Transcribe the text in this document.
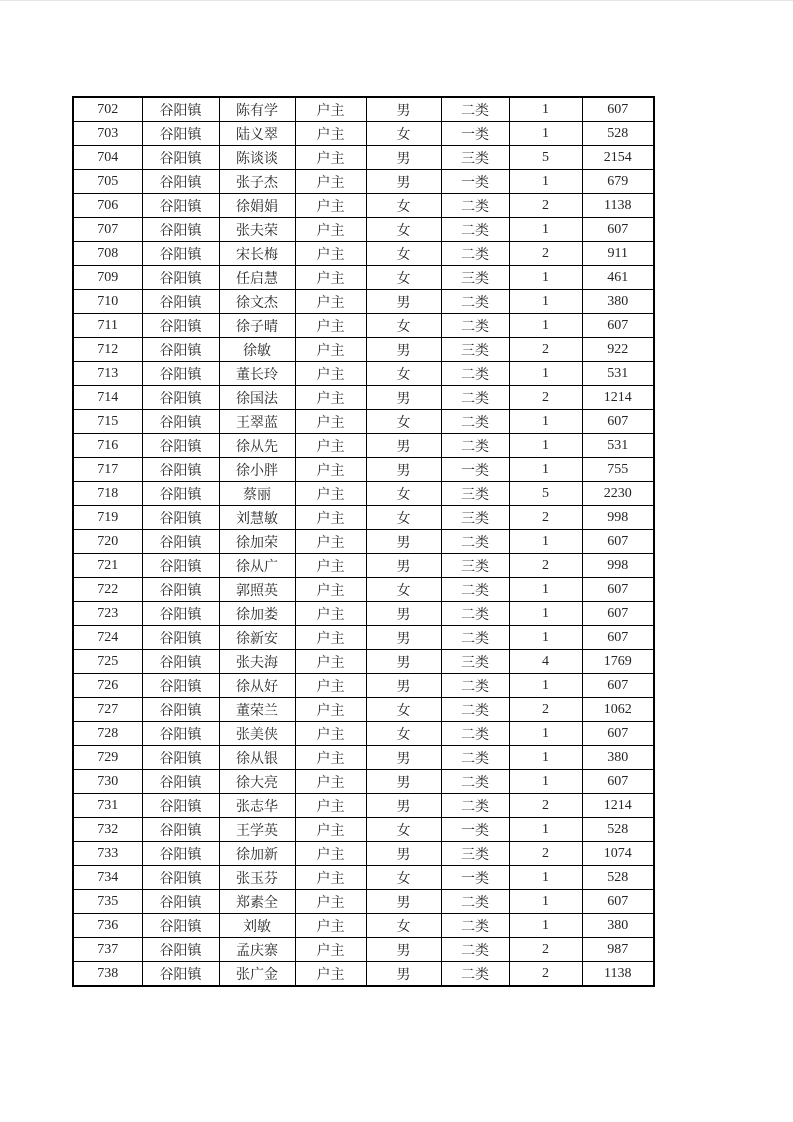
702	谷阳镇	陈有学	户主	男	二类	1	607
703	谷阳镇	陆义翠	户主	女	一类	1	528
704	谷阳镇	陈谈谈	户主	男	三类	5	2154
705	谷阳镇	张子杰	户主	男	一类	1	679
706	谷阳镇	徐娟娟	户主	女	二类	2	1138
707	谷阳镇	张夫荣	户主	女	二类	1	607
708	谷阳镇	宋长梅	户主	女	二类	2	911
709	谷阳镇	任启慧	户主	女	三类	1	461
710	谷阳镇	徐文杰	户主	男	二类	1	380
711	谷阳镇	徐子晴	户主	女	二类	1	607
712	谷阳镇	徐敏	户主	男	三类	2	922
713	谷阳镇	董长玲	户主	女	二类	1	531
714	谷阳镇	徐国法	户主	男	二类	2	1214
715	谷阳镇	王翠蓝	户主	女	二类	1	607
716	谷阳镇	徐从先	户主	男	二类	1	531
717	谷阳镇	徐小胖	户主	男	一类	1	755
718	谷阳镇	蔡丽	户主	女	三类	5	2230
719	谷阳镇	刘慧敏	户主	女	三类	2	998
720	谷阳镇	徐加荣	户主	男	二类	1	607
721	谷阳镇	徐从广	户主	男	三类	2	998
722	谷阳镇	郭照英	户主	女	二类	1	607
723	谷阳镇	徐加娄	户主	男	二类	1	607
724	谷阳镇	徐新安	户主	男	二类	1	607
725	谷阳镇	张夫海	户主	男	三类	4	1769
726	谷阳镇	徐从好	户主	男	二类	1	607
727	谷阳镇	董荣兰	户主	女	二类	2	1062
728	谷阳镇	张美侠	户主	女	二类	1	607
729	谷阳镇	徐从银	户主	男	二类	1	380
730	谷阳镇	徐大亮	户主	男	二类	1	607
731	谷阳镇	张志华	户主	男	二类	2	1214
732	谷阳镇	王学英	户主	女	一类	1	528
733	谷阳镇	徐加新	户主	男	三类	2	1074
734	谷阳镇	张玉芬	户主	女	一类	1	528
735	谷阳镇	郑素全	户主	男	二类	1	607
736	谷阳镇	刘敏	户主	女	二类	1	380
737	谷阳镇	孟庆寨	户主	男	二类	2	987
738	谷阳镇	张广金	户主	男	二类	2	1138
